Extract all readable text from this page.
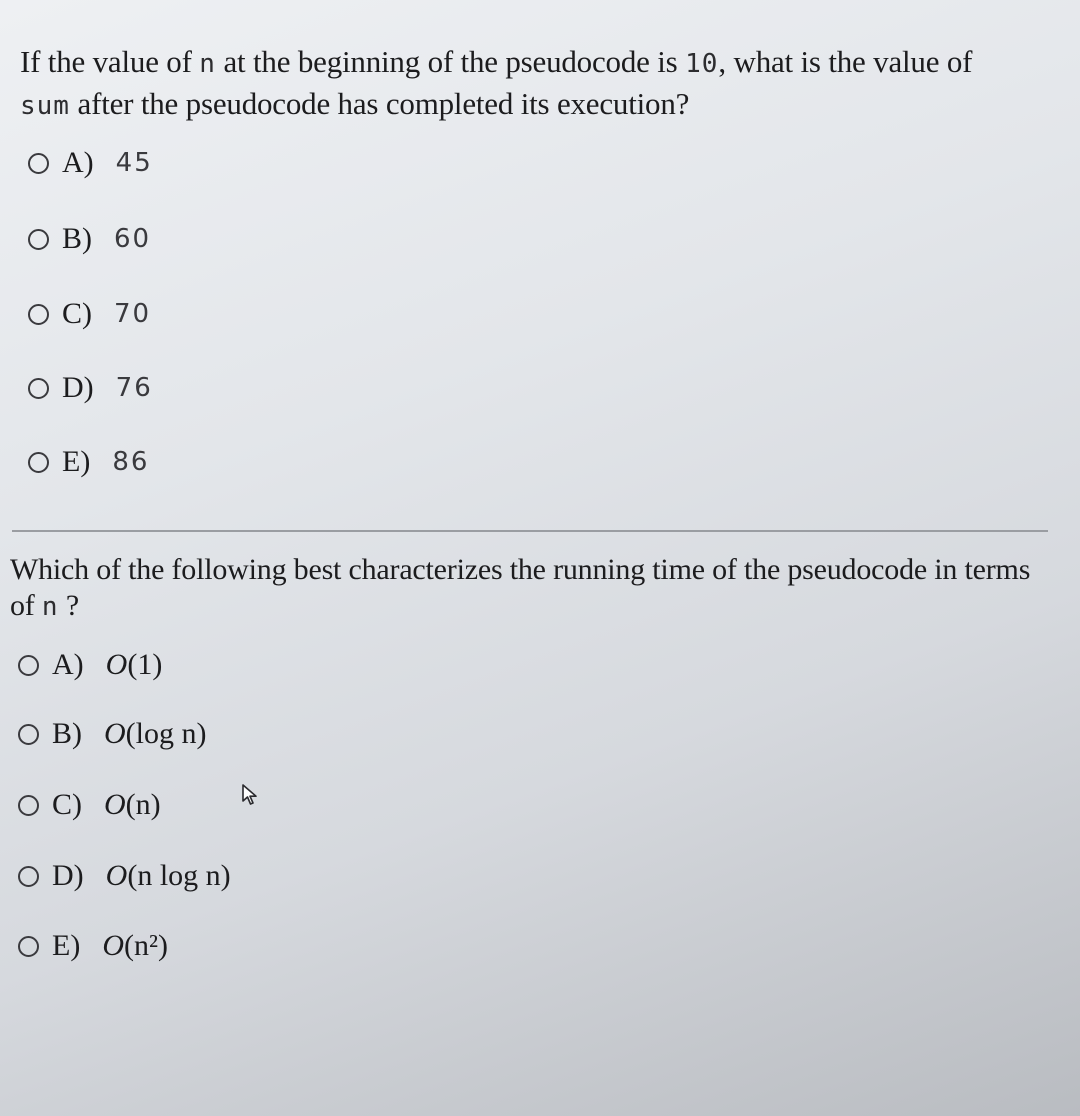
If the value of n at the beginning of the pseudocode is 10, what is the value of
sum after the pseudocode has completed its execution?
A) 45
B) 60
C) 70
D) 76
E) 86
Which of the following best characterizes the running time of the pseudocode in terms of n ?
A) O(1)
B) O(log n)
C) O(n)
D) O(n log n)
E) O(n²)
